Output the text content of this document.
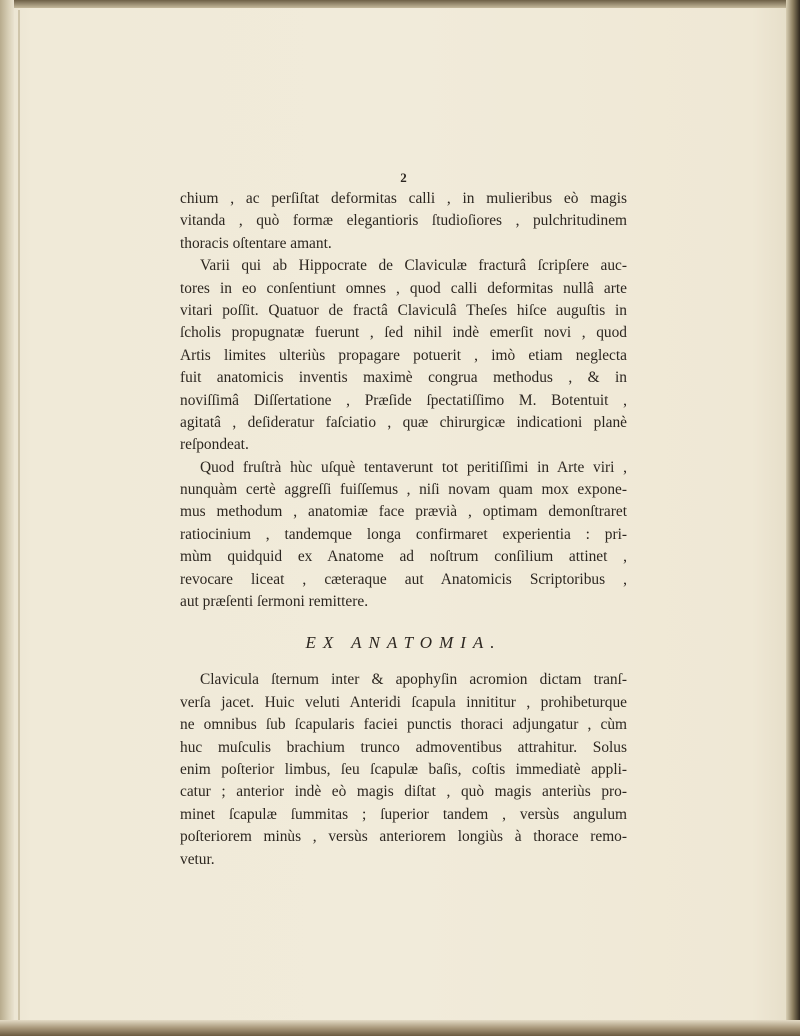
2
chium , ac perſiſtat deformitas calli , in mulieribus eò magis
vitanda , quò formæ elegantioris ſtudioſiores , pulchritudinem
thoracis oſtentare amant.
Varii qui ab Hippocrate de Claviculæ fracturâ ſcripſere auc-
tores in eo conſentiunt omnes , quod calli deformitas nullâ arte
vitari poſſit. Quatuor de fractâ Claviculâ Theſes hiſce auguſtis in
ſcholis propugnatæ fuerunt , ſed nihil indè emerſit novi , quod
Artis limites ulteriùs propagare potuerit , imò etiam neglecta
fuit anatomicis inventis maximè congrua methodus , & in
noviſſimâ Diſſertatione , Præſide ſpectatiſſimo M. Botentuit ,
agitatâ , deſideratur faſciatio , quæ chirurgicæ indicationi planè
reſpondeat.
Quod fruſtrà hùc uſquè tentaverunt tot peritiſſimi in Arte viri ,
nunquàm certè aggreſſi fuiſſemus , niſi novam quam mox expone-
mus methodum , anatomiæ face prævià , optimam demonſtraret
ratiocinium , tandemque longa confirmaret experientia : pri-
mùm quidquid ex Anatome ad noſtrum conſilium attinet ,
revocare liceat , cæteraque aut Anatomicis Scriptoribus ,
aut præſenti ſermoni remittere.
EX ANATOMIA.
Clavicula ſternum inter & apophyſin acromion dictam tranſ-
verſa jacet. Huic veluti Anteridi ſcapula innititur , prohibeturque
ne omnibus ſub ſcapularis faciei punctis thoraci adjungatur , cùm
huc muſculis brachium trunco admoventibus attrahitur. Solus
enim poſterior limbus, ſeu ſcapulæ baſis, coſtis immediatè appli-
catur ; anterior indè eò magis diſtat , quò magis anteriùs pro-
minet ſcapulæ ſummitas ; ſuperior tandem , versùs angulum
poſteriorem minùs , versùs anteriorem longiùs à thorace remo-
vetur.
